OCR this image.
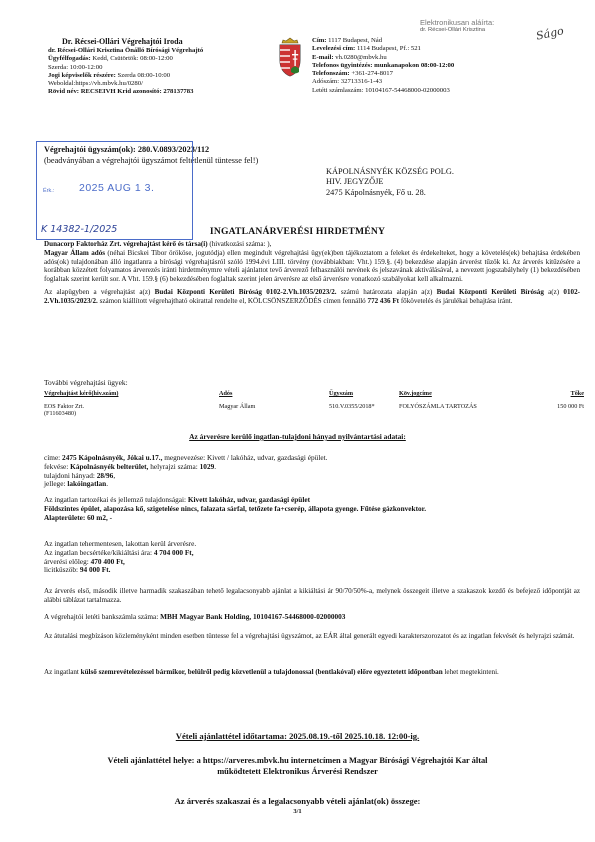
Dr. Récsei-Ollári Végrehajtói Iroda
dr. Récsei-Ollári Krisztina Önálló Bírósági Végrehajtó
Ügyfélfogadás: Kedd, Csütörtök: 08:00-12:00
Szerda: 10:00-12:00
Jogi képviselők részére: Szerda 08:00-10:00
Weboldal:https://vh.mbvk.hu/0280/
Rövid név: RECSEIVH Krid azonosító: 278137783
Cím: 1117 Budapest, Nád
Levelezési cím: 1114 Budapest, Pf.: 521
E-mail: vh.0280@mbvk.hu
Telefonos ügyintézés: munkanapokon 08:00-12:00
Telefonszám: +361-274-8017
Adószám: 32713316-1-43
Letéti számlaszám: 10104167-54468000-02000003
Elektronikusan aláírta:
dr. Récsei-Ollári Krisztina	Ságo
Végrehajtói ügyszám(ok): 280.V.0893/2023/112
(beadványában a végrehajtói ügyszámot feltétlenül tüntesse fel!)
Érk.: 2025 AUG 1 3.
K 14382-1/2025
KÁPOLNÁSNYÉK KÖZSÉG POLG.
HIV. JEGYZŐJE
2475 Kápolnásnyék, Fő u. 28.
INGATLANÁRVERÉSI HIRDETMÉNY
Dunacorp Faktorház Zrt. végrehajtást kérő és társa(i) (hivatkozási száma: ),
Magyar Állam adós (néhai Bicskei Tibor örököse, jogutódja) ellen megindult végrehajtási ügy(ek)ben tájékoztatom a feleket és érdekelteket, hogy a követelés(ek) behajtása érdekében adós(ok) tulajdonában álló ingatlanra a bírósági végrehajtásról szóló 1994.évi LIII. törvény (továbbiakban: Vht.) 159.§. (4) bekezdése alapján árverést tűzök ki. Az árverés kitűzésére a korábban közzétett folyamatos árverezés iránti hirdetménymre vételi ajánlattot tevő árverező felhasználói nevének és jelszavának aktiválásával, a nevezett jogszabályhely (1) bekezdésében foglaltak szerint került sor. A Vht. 159.§ (6) bekezdésében foglaltak szerint jelen árverésre az első árverésre vonatkozó szabályokat kell alkalmazni.
Az alapügyben a végrehajtást a(z) Budai Központi Kerületi Bíróság 0102-2.Vh.1035/2023/2. számú határozata alapján a(z) Budai Központi Kerületi Bíróság a(z) 0102-2.Vh.1035/2023/2. számon kiállított végrehajtható okirattal rendelte el, KÖLCSÖNSZERZŐDÉS címen fennálló 772 436 Ft főkövetelés és járulékai behajtása iránt.
További végrehajtási ügyek:
Végrehajtást kérő(hiv.szám)	Adós	Ügyszám	Köv.jogcíme	Tőke

EOS Faktor Zrt.
(F11603480)	Magyar Állam	510.V.0355/2018*	FOLYÓSZÁMLA TARTOZÁS	150 000 Ft
Az árverésre kerülő ingatlan-tulajdoni hányad nyilvántartási adatai:
címe: 2475 Kápolnásnyék, Jókai u.17., megnevezése: Kivett / lakóház, udvar, gazdasági épület.
fekvése: Kápolnásnyék belterület, helyrajzi száma: 1029.
tulajdoni hányad: 28/96,
jellege: lakóingatlan.
Az ingatlan tartozékai és jellemző tulajdonságai: Kivett lakóház, udvar, gazdasági épület
Földszintes épület, alapozása kő, szigetelése nincs, falazata sárfal, tetőzete fa+cserép, állapota gyenge. Fűtése gázkonvektor.
Alapterülete: 60 m2, -
Az ingatlan tehermentesen, lakottan kerül árverésre.
Az ingatlan becsértéke/kikiáltási ára: 4 704 000 Ft,
árverési előleg: 470 400 Ft,
licitküszöb: 94 000 Ft.
Az árverés első, második illetve harmadik szakaszában tehető legalacsonyabb ajánlat a kikiáltási ár 90/70/50%-a, melynek összegeit illetve a szakaszok kezdő és befejező időpontját az alábbi táblázat tartalmazza.
A végrehajtói letéti bankszámla száma: MBH Magyar Bank Holding, 10104167-54468000-02000003
Az átutalási megbízáson közleményként minden esetben tüntesse fel a végrehajtási ügyszámot, az EÁR által generált egyedi karakterszorozatot és az ingatlan fekvését és helyrajzi számát.
Az ingatlant külső szemrevételezéssel bármikor, belülről pedig közvetlenül a tulajdonossal (bentlakóval) előre egyeztetett időpontban lehet megtekinteni.
Vételi ajánlattétel időtartama: 2025.08.19.-től 2025.10.18. 12:00-ig.
Vételi ajánlattétel helye: a https://arveres.mbvk.hu internetcímen a Magyar Bírósági Végrehajtói Kar által
működtetett Elektronikus Árverési Rendszer
Az árverés szakaszai és a legalacsonyabb vételi ajánlat(ok) összege:
3/1
